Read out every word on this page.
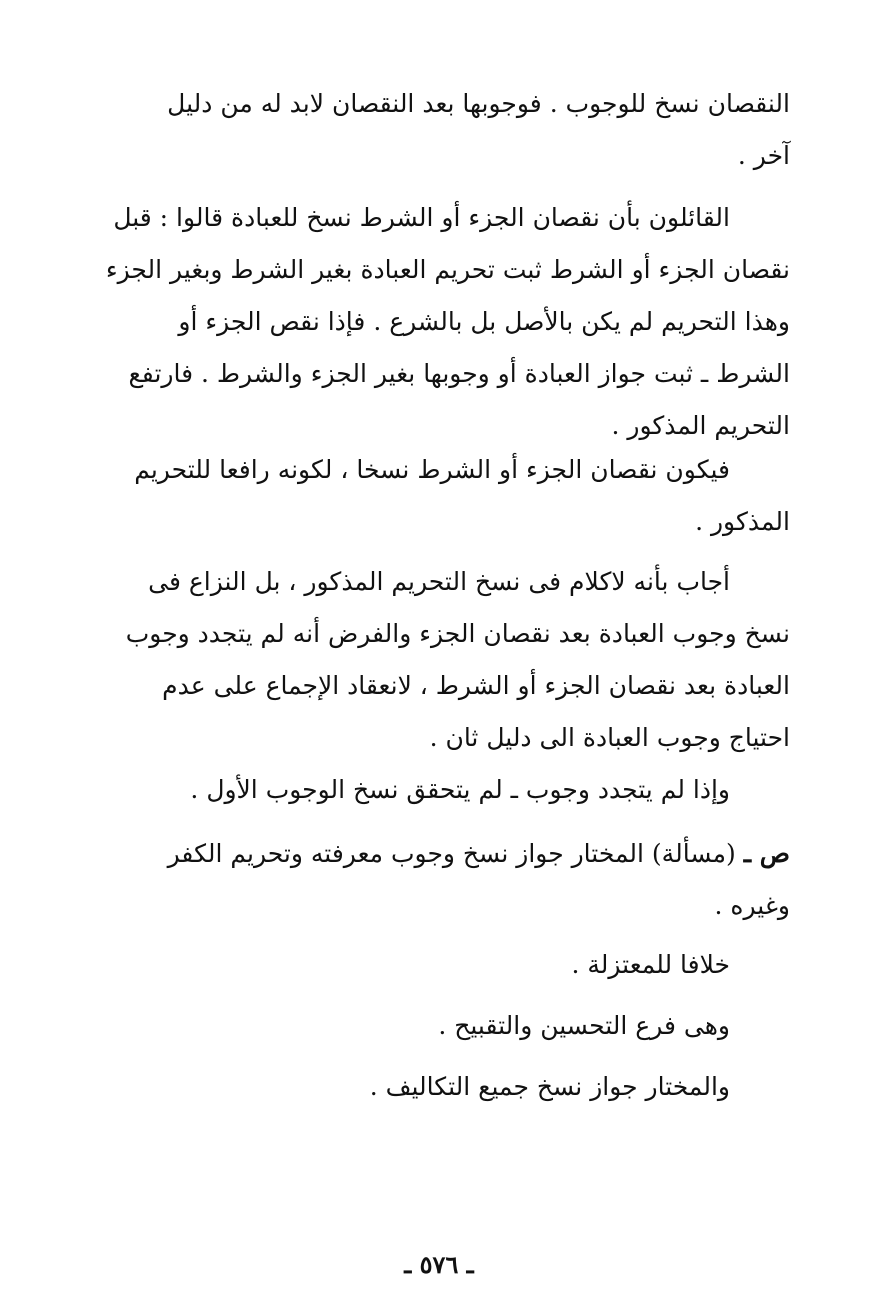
النقصان نسخ للوجوب . فوجوبها بعد النقصان لابد له من دليل
آخر .
القائلون بأن نقصان الجزء أو الشرط نسخ للعبادة قالوا : قبل
نقصان الجزء أو الشرط ثبت تحريم العبادة بغير الشرط وبغير الجزء
وهذا التحريم لم يكن بالأصل بل بالشرع . فإذا نقص الجزء أو
الشرط ـ ثبت جواز العبادة أو وجوبها بغير الجزء والشرط . فارتفع
التحريم المذكور .
فيكون نقصان الجزء أو الشرط نسخا ، لكونه رافعا للتحريم
المذكور .
أجاب بأنه لاكلام فى نسخ التحريم المذكور ، بل النزاع فى
نسخ وجوب العبادة بعد نقصان الجزء والفرض أنه لم يتجدد وجوب
العبادة بعد نقصان الجزء أو الشرط ، لانعقاد الإجماع على عدم
احتياج وجوب العبادة الى دليل ثان .
وإذا لم يتجدد وجوب ـ لم يتحقق نسخ الوجوب الأول .
ص ـ (مسألة) المختار جواز نسخ وجوب معرفته وتحريم الكفر
وغيره .
خلافا للمعتزلة .
وهى فرع التحسين والتقبيح .
والمختار جواز نسخ جميع التكاليف .
ـ ٥٧٦ ـ
